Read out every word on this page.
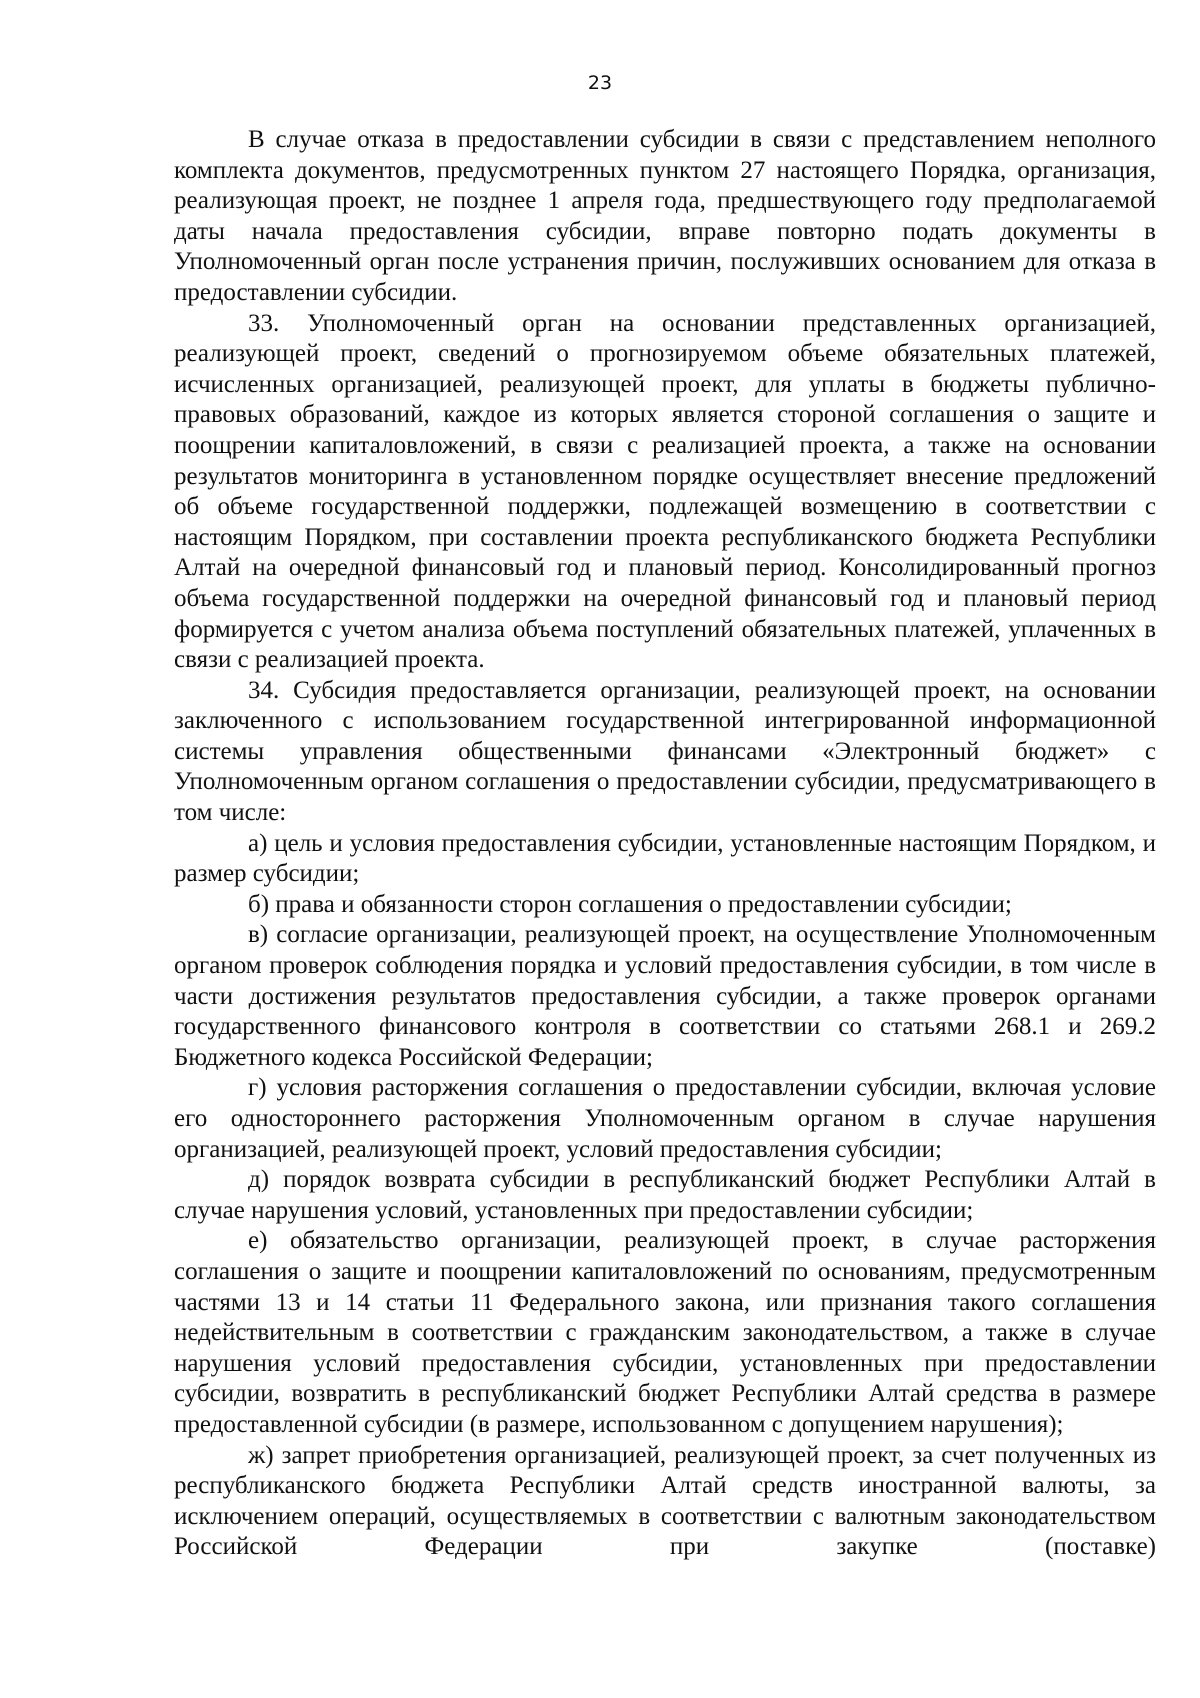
23

В случае отказа в предоставлении субсидии в связи с представлением неполного комплекта документов, предусмотренных пунктом 27 настоящего Порядка, организация, реализующая проект, не позднее 1 апреля года, предшествующего году предполагаемой даты начала предоставления субсидии, вправе повторно подать документы в Уполномоченный орган после устранения причин, послуживших основанием для отказа в предоставлении субсидии.

33. Уполномоченный орган на основании представленных организацией, реализующей проект, сведений о прогнозируемом объеме обязательных платежей, исчисленных организацией, реализующей проект, для уплаты в бюджеты публично-правовых образований, каждое из которых является стороной соглашения о защите и поощрении капиталовложений, в связи с реализацией проекта, а также на основании результатов мониторинга в установленном порядке осуществляет внесение предложений об объеме государственной поддержки, подлежащей возмещению в соответствии с настоящим Порядком, при составлении проекта республиканского бюджета Республики Алтай на очередной финансовый год и плановый период. Консолидированный прогноз объема государственной поддержки на очередной финансовый год и плановый период формируется с учетом анализа объема поступлений обязательных платежей, уплаченных в связи с реализацией проекта.

34. Субсидия предоставляется организации, реализующей проект, на основании заключенного с использованием государственной интегрированной информационной системы управления общественными финансами «Электронный бюджет» с Уполномоченным органом соглашения о предоставлении субсидии, предусматривающего в том числе:

а) цель и условия предоставления субсидии, установленные настоящим Порядком, и размер субсидии;

б) права и обязанности сторон соглашения о предоставлении субсидии;

в) согласие организации, реализующей проект, на осуществление Уполномоченным органом проверок соблюдения порядка и условий предоставления субсидии, в том числе в части достижения результатов предоставления субсидии, а также проверок органами государственного финансового контроля в соответствии со статьями 268.1 и 269.2 Бюджетного кодекса Российской Федерации;

г) условия расторжения соглашения о предоставлении субсидии, включая условие его одностороннего расторжения Уполномоченным органом в случае нарушения организацией, реализующей проект, условий предоставления субсидии;

д) порядок возврата субсидии в республиканский бюджет Республики Алтай в случае нарушения условий, установленных при предоставлении субсидии;

е) обязательство организации, реализующей проект, в случае расторжения соглашения о защите и поощрении капиталовложений по основаниям, предусмотренным частями 13 и 14 статьи 11 Федерального закона, или признания такого соглашения недействительным в соответствии с гражданским законодательством, а также в случае нарушения условий предоставления субсидии, установленных при предоставлении субсидии, возвратить в республиканский бюджет Республики Алтай средства в размере предоставленной субсидии (в размере, использованном с допущением нарушения);

ж) запрет приобретения организацией, реализующей проект, за счет полученных из республиканского бюджета Республики Алтай средств иностранной валюты, за исключением операций, осуществляемых в соответствии с валютным законодательством Российской Федерации при закупке (поставке)
